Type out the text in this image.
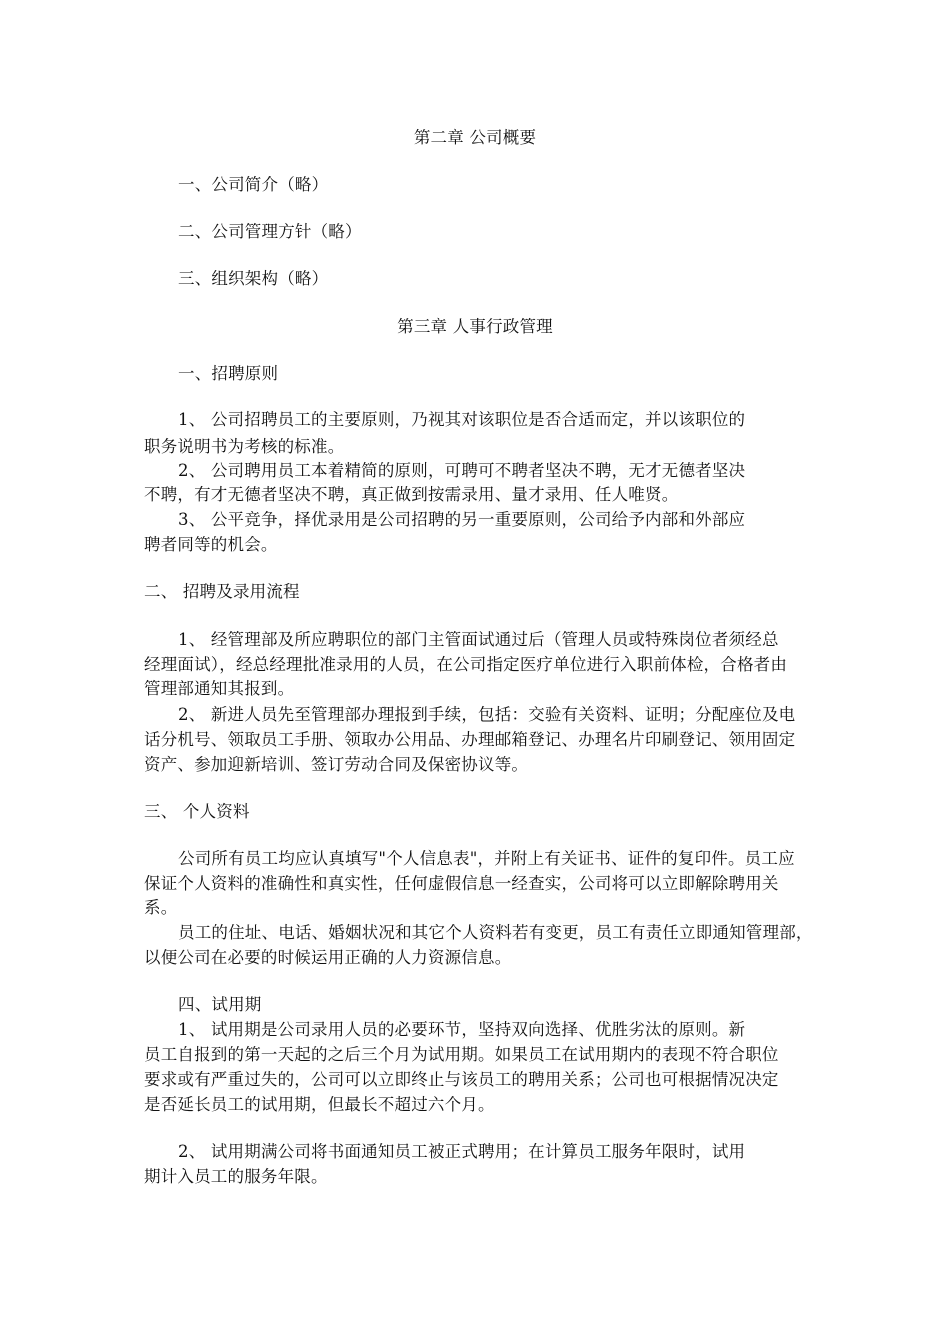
第二章 公司概要

一、公司简介（略）

二、公司管理方针（略）

三、组织架构（略）

第三章 人事行政管理

一、招聘原则

1、 公司招聘员工的主要原则，乃视其对该职位是否合适而定，并以该职位的

职务说明书为考核的标准。

2、 公司聘用员工本着精简的原则，可聘可不聘者坚决不聘，无才无德者坚决

不聘，有才无德者坚决不聘，真正做到按需录用、量才录用、任人唯贤。

3、 公平竞争，择优录用是公司招聘的另一重要原则，公司给予内部和外部应

聘者同等的机会。

二、 招聘及录用流程

1、 经管理部及所应聘职位的部门主管面试通过后（管理人员或特殊岗位者须经总

经理面试），经总经理批准录用的人员，在公司指定医疗单位进行入职前体检，合格者由

管理部通知其报到。

2、 新进人员先至管理部办理报到手续，包括：交验有关资料、证明；分配座位及电

话分机号、领取员工手册、领取办公用品、办理邮箱登记、办理名片印刷登记、领用固定

资产、参加迎新培训、签订劳动合同及保密协议等。

三、 个人资料

公司所有员工均应认真填写"个人信息表"，并附上有关证书、证件的复印件。员工应

保证个人资料的准确性和真实性，任何虚假信息一经查实，公司将可以立即解除聘用关

系。

员工的住址、电话、婚姻状况和其它个人资料若有变更，员工有责任立即通知管理部，

以便公司在必要的时候运用正确的人力资源信息。

四、试用期

1、 试用期是公司录用人员的必要环节，坚持双向选择、优胜劣汰的原则。新

员工自报到的第一天起的之后三个月为试用期。如果员工在试用期内的表现不符合职位

要求或有严重过失的，公司可以立即终止与该员工的聘用关系；公司也可根据情况决定

是否延长员工的试用期，但最长不超过六个月。

2、 试用期满公司将书面通知员工被正式聘用；在计算员工服务年限时，试用

期计入员工的服务年限。
